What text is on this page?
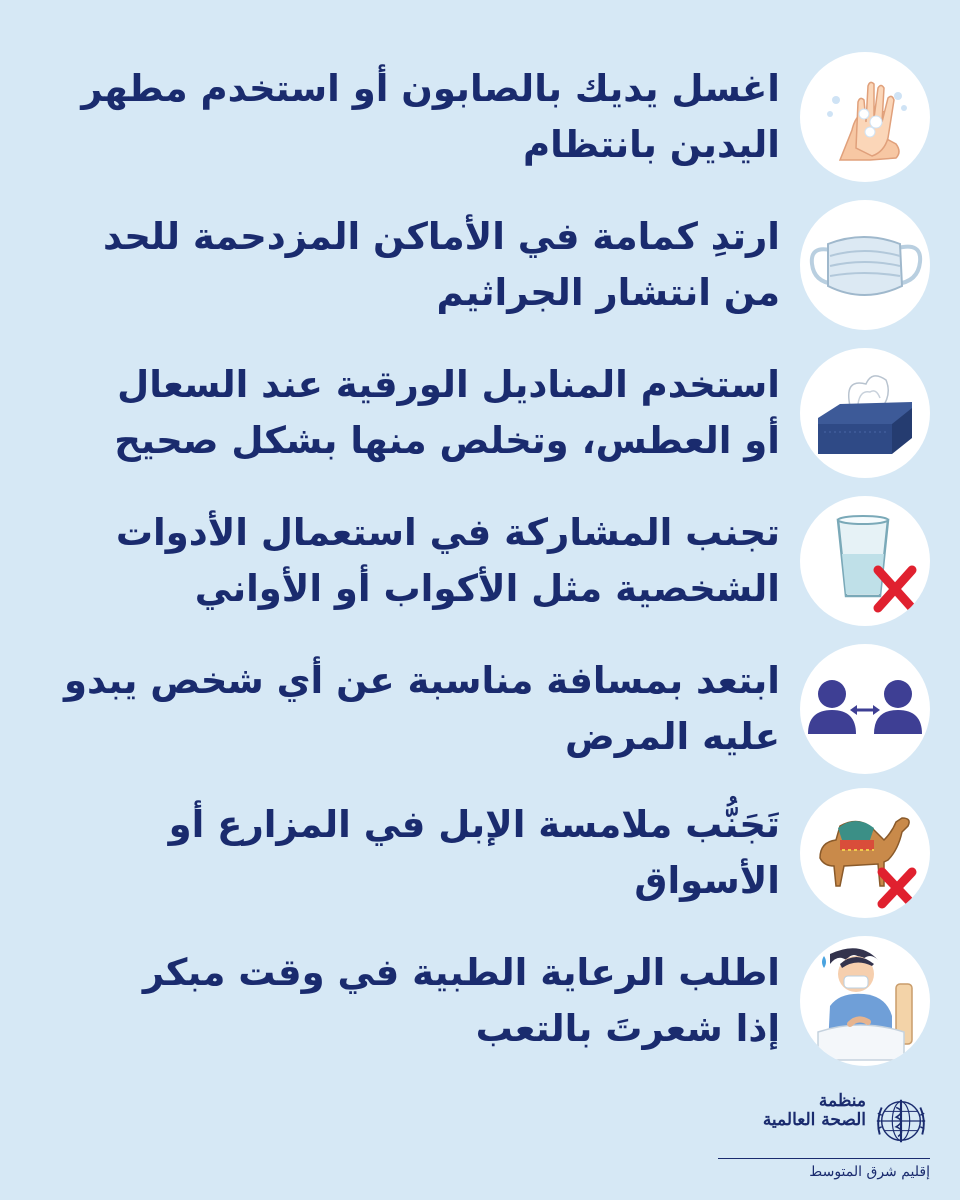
اغسل يديك بالصابون أو استخدم مطهر
اليدين بانتظام
ارتدِ كمامة في الأماكن المزدحمة للحد
من انتشار الجراثيم
استخدم المناديل الورقية عند السعال
أو العطس، وتخلص منها بشكل صحيح
تجنب المشاركة في استعمال الأدوات
الشخصية مثل الأكواب أو الأواني
ابتعد بمسافة مناسبة عن أي شخص يبدو
عليه المرض
تَجَنُّب ملامسة الإبل في المزارع أو الأسواق
اطلب الرعاية الطبية في وقت مبكر
إذا شعرتَ بالتعب
منظمة
الصحة العالمية
إقليم شرق المتوسط
